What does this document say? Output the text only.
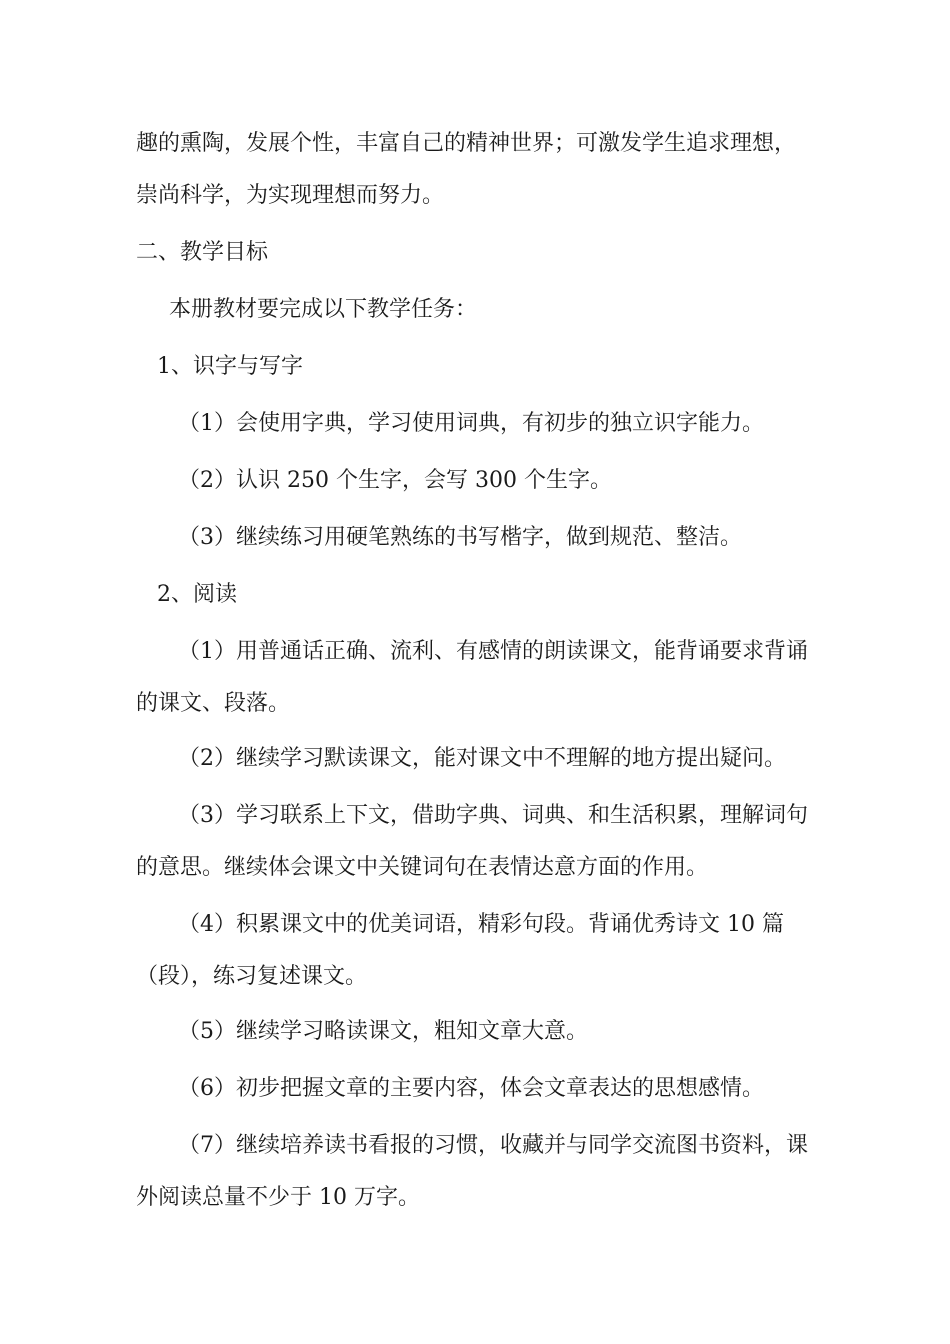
趣的熏陶，发展个性，丰富自己的精神世界；可激发学生追求理想，
崇尚科学，为实现理想而努力。
二、教学目标
本册教材要完成以下教学任务：
1、识字与写字
（1）会使用字典，学习使用词典，有初步的独立识字能力。
（2）认识 250 个生字，会写 300 个生字。
（3）继续练习用硬笔熟练的书写楷字，做到规范、整洁。
2、阅读
（1）用普通话正确、流利、有感情的朗读课文，能背诵要求背诵
的课文、段落。
（2）继续学习默读课文，能对课文中不理解的地方提出疑问。
（3）学习联系上下文，借助字典、词典、和生活积累，理解词句
的意思。继续体会课文中关键词句在表情达意方面的作用。
（4）积累课文中的优美词语，精彩句段。背诵优秀诗文 10 篇
（段），练习复述课文。
（5）继续学习略读课文，粗知文章大意。
（6）初步把握文章的主要内容，体会文章表达的思想感情。
（7）继续培养读书看报的习惯，收藏并与同学交流图书资料，课
外阅读总量不少于 10 万字。
